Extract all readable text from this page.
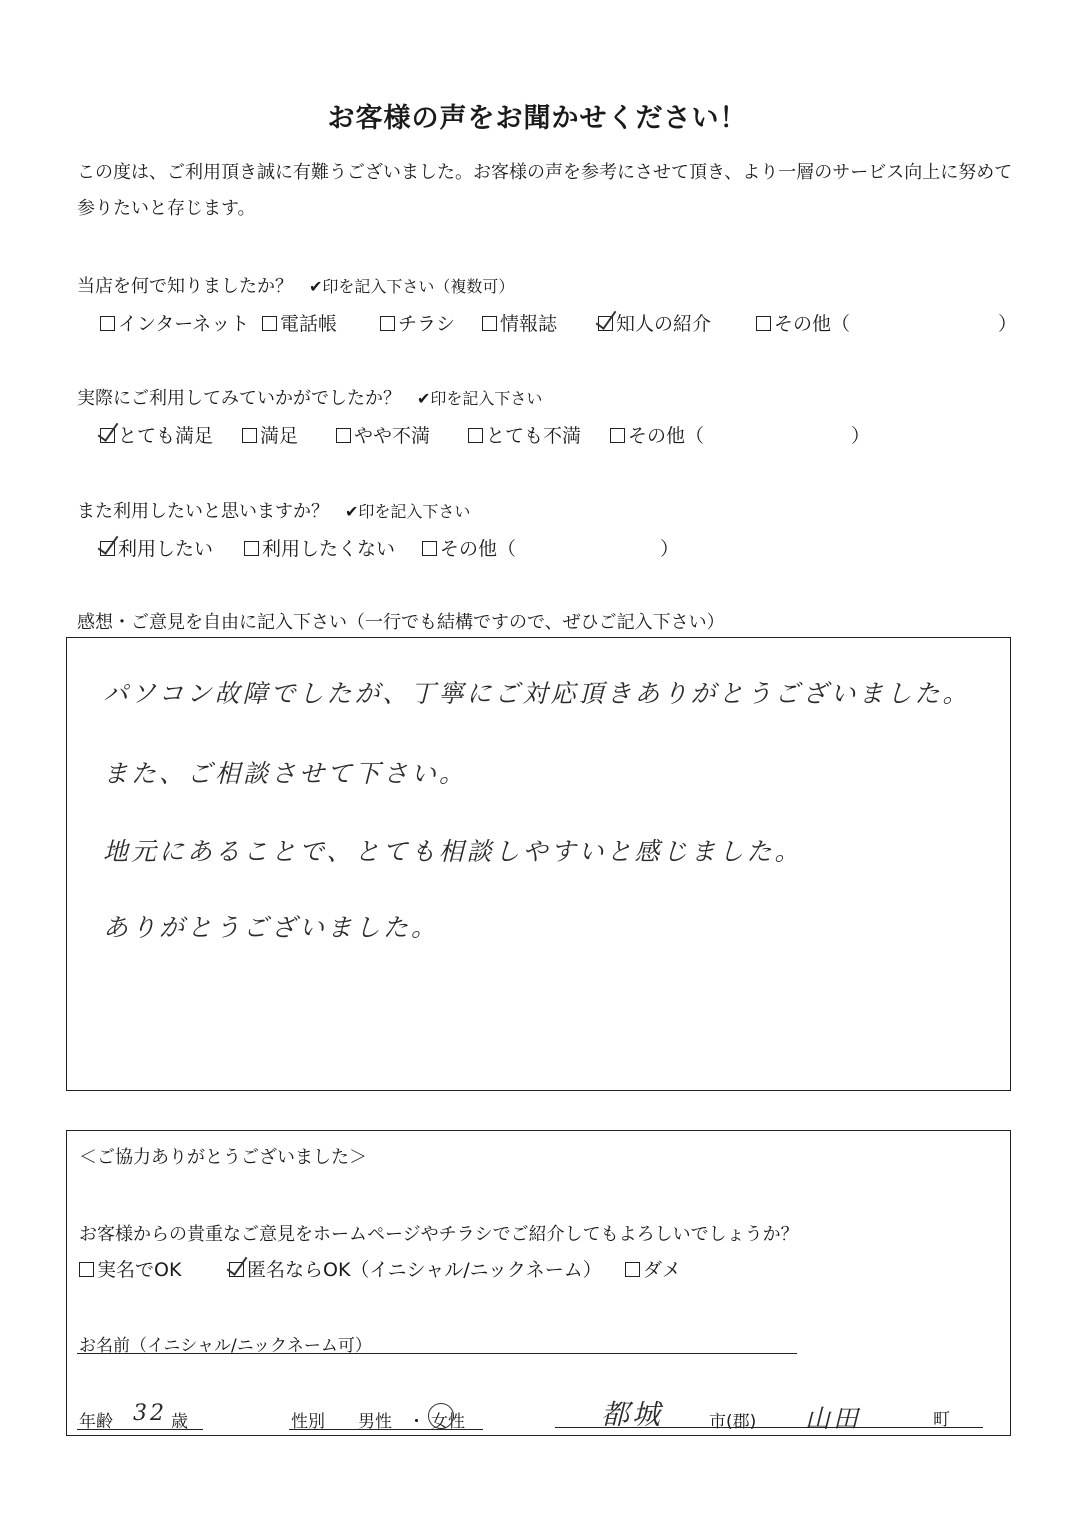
お客様の声をお聞かせください！
この度は、ご利用頂き誠に有難うございました。お客様の声を参考にさせて頂き、より一層のサービス向上に努めて参りたいと存じます。
当店を何で知りましたか？ ✔印を記入下さい（複数可）
インターネット	電話帳	チラシ	情報誌	知人の紹介	その他（	）
実際にご利用してみていかがでしたか？ ✔印を記入下さい
とても満足	満足	やや不満	とても不満	その他（	）
また利用したいと思いますか？ ✔印を記入下さい
利用したい	利用したくない	その他（	）
感想・ご意見を自由に記入下さい（一行でも結構ですので、ぜひご記入下さい）
パソコン故障でしたが、丁寧にご対応頂きありがとうございました。
また、ご相談させて下さい。
地元にあることで、とても相談しやすいと感じました。
ありがとうございました。
＜ご協力ありがとうございました＞
お客様からの貴重なご意見をホームページやチラシでご紹介してもよろしいでしょうか？
実名でOK	匿名ならOK（イニシャル/ニックネーム）	ダメ
お名前（イニシャル/ニックネーム可）
年齢 32 歳	性別 男性 ・ 女性	都城	市(郡) 山田	町
